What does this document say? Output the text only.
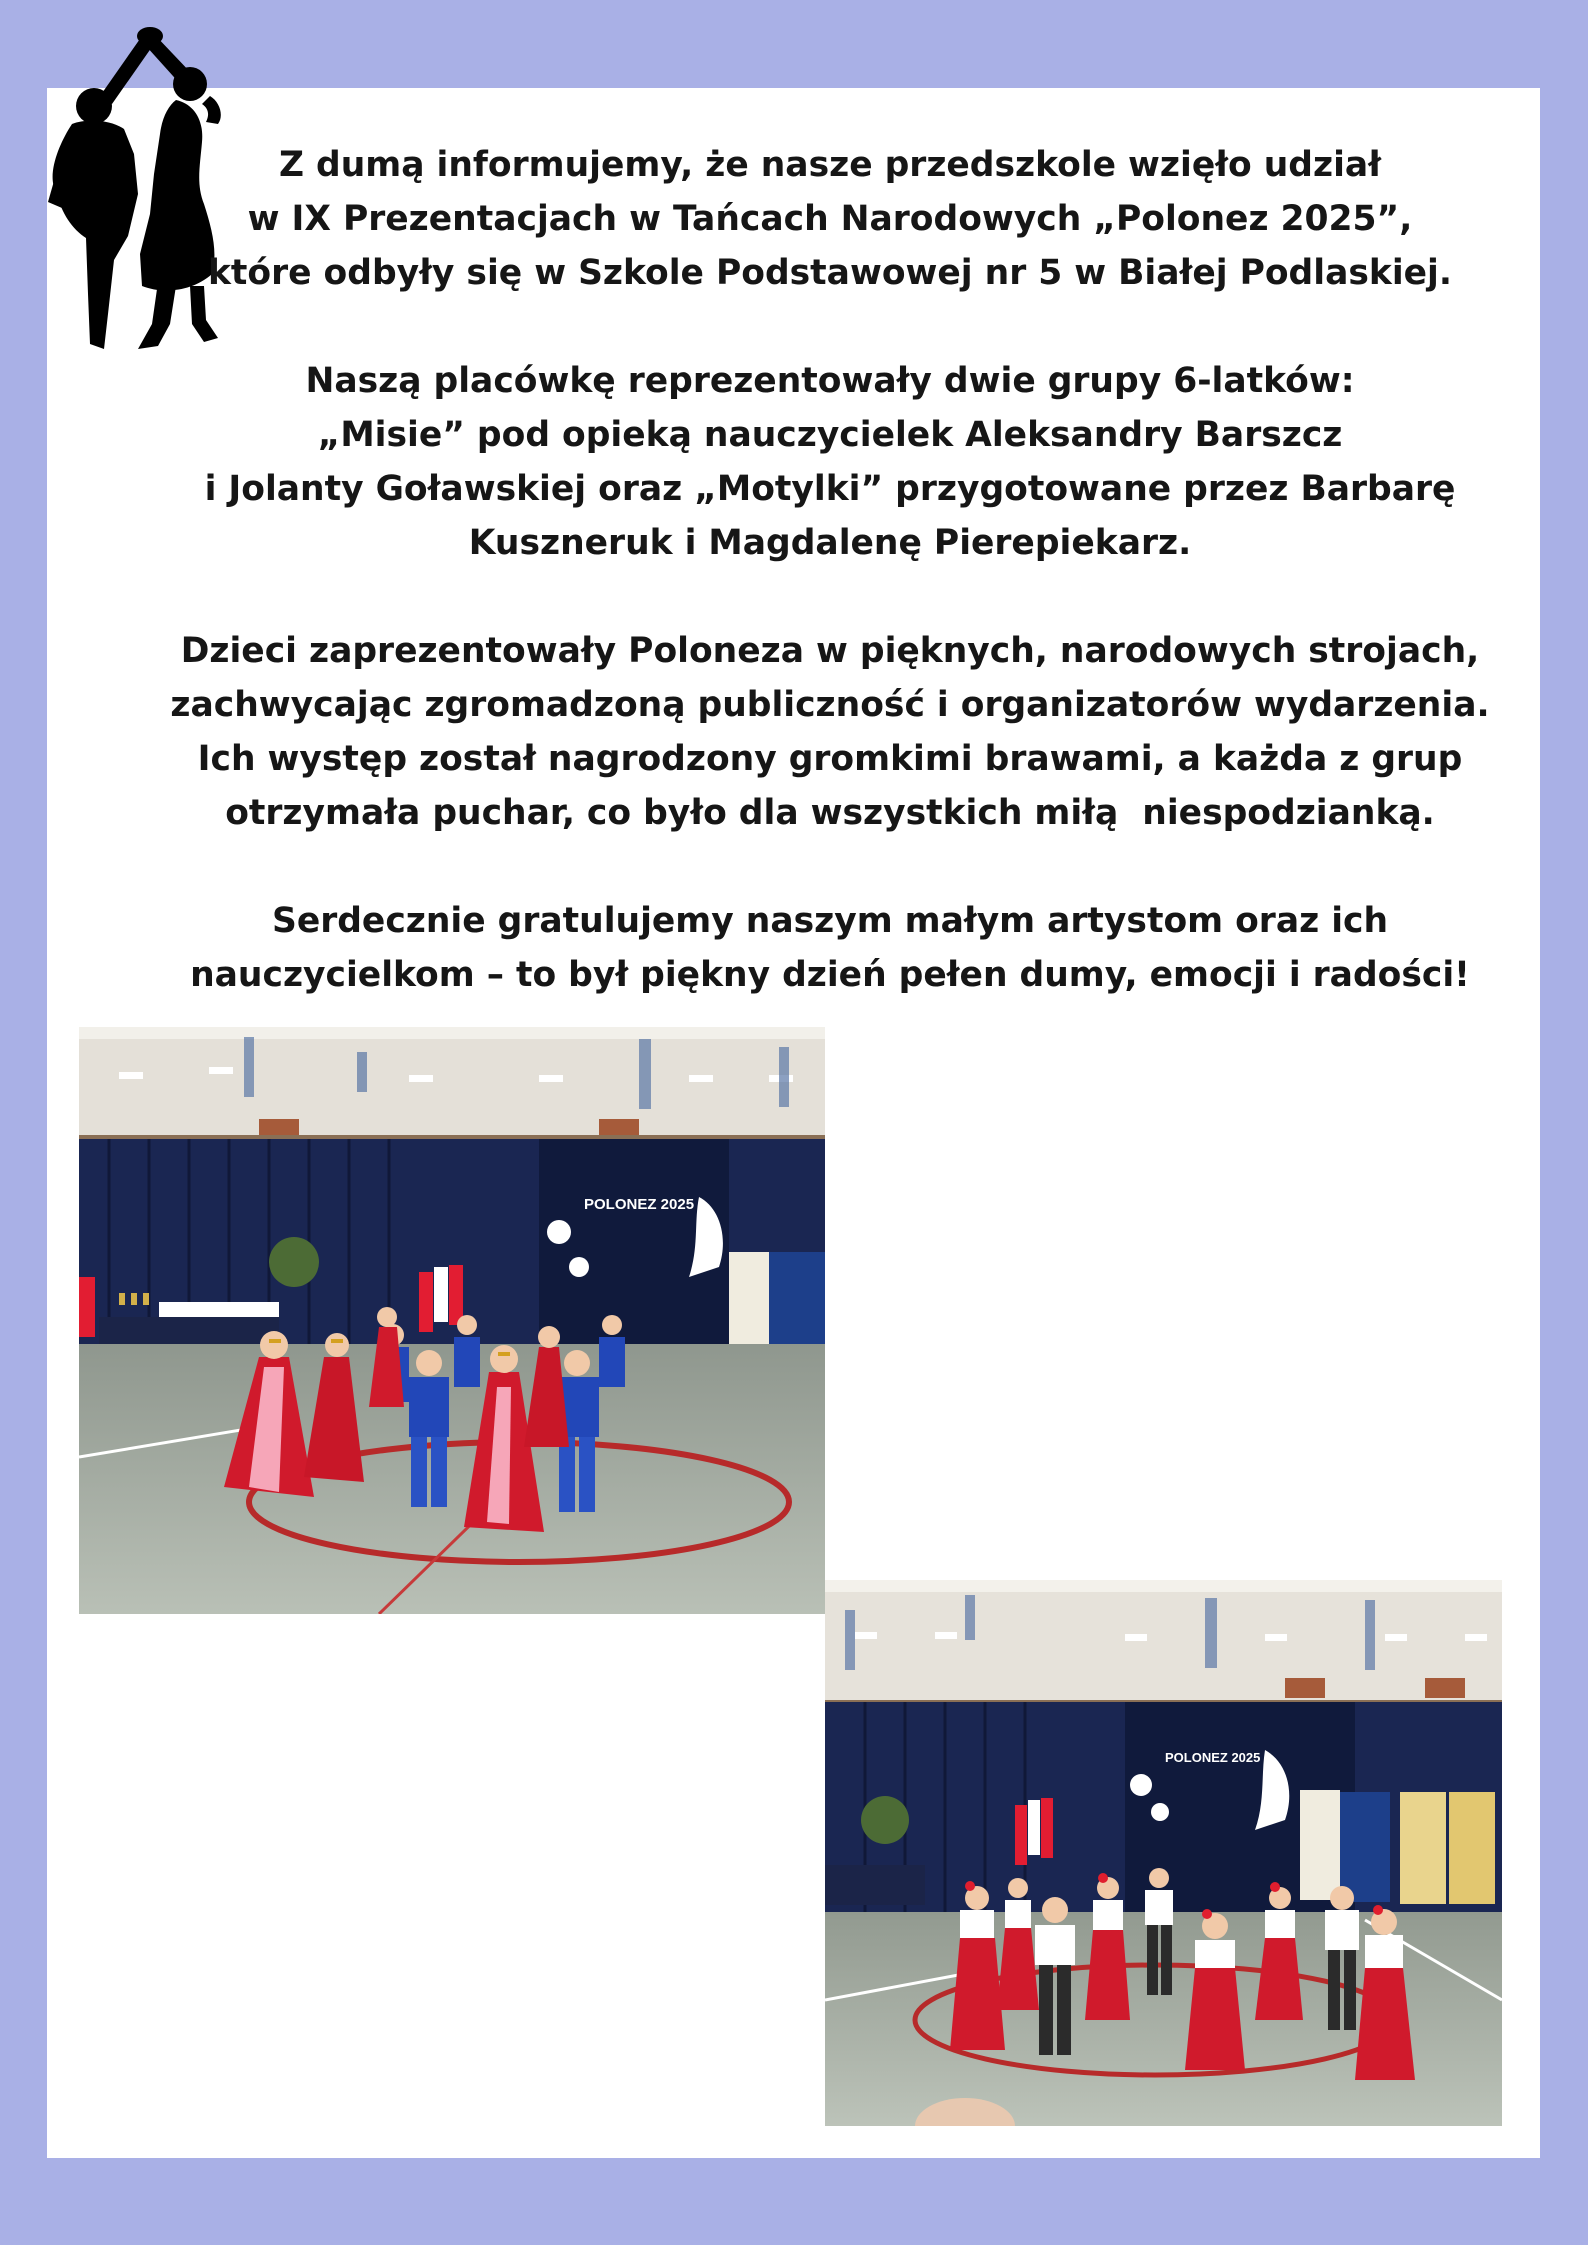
Z dumą informujemy, że nasze przedszkole wzięło udział
w IX Prezentacjach w Tańcach Narodowych „Polonez 2025”,
które odbyły się w Szkole Podstawowej nr 5 w Białej Podlaskiej.

Naszą placówkę reprezentowały dwie grupy 6-latków:
„Misie” pod opieką nauczycielek Aleksandry Barszcz
i Jolanty Goławskiej oraz „Motylki” przygotowane przez Barbarę
Kuszneruk i Magdalenę Pierepiekarz.

Dzieci zaprezentowały Poloneza w pięknych, narodowych strojach,
zachwycając zgromadzoną publiczność i organizatorów wydarzenia.
Ich występ został nagrodzony gromkimi brawami, a każda z grup
otrzymała puchar, co było dla wszystkich miłą  niespodzianką.

Serdecznie gratulujemy naszym małym artystom oraz ich
nauczycielkom – to był piękny dzień pełen dumy, emocji i radości!

POLONEZ 2025
POLONEZ 2025
